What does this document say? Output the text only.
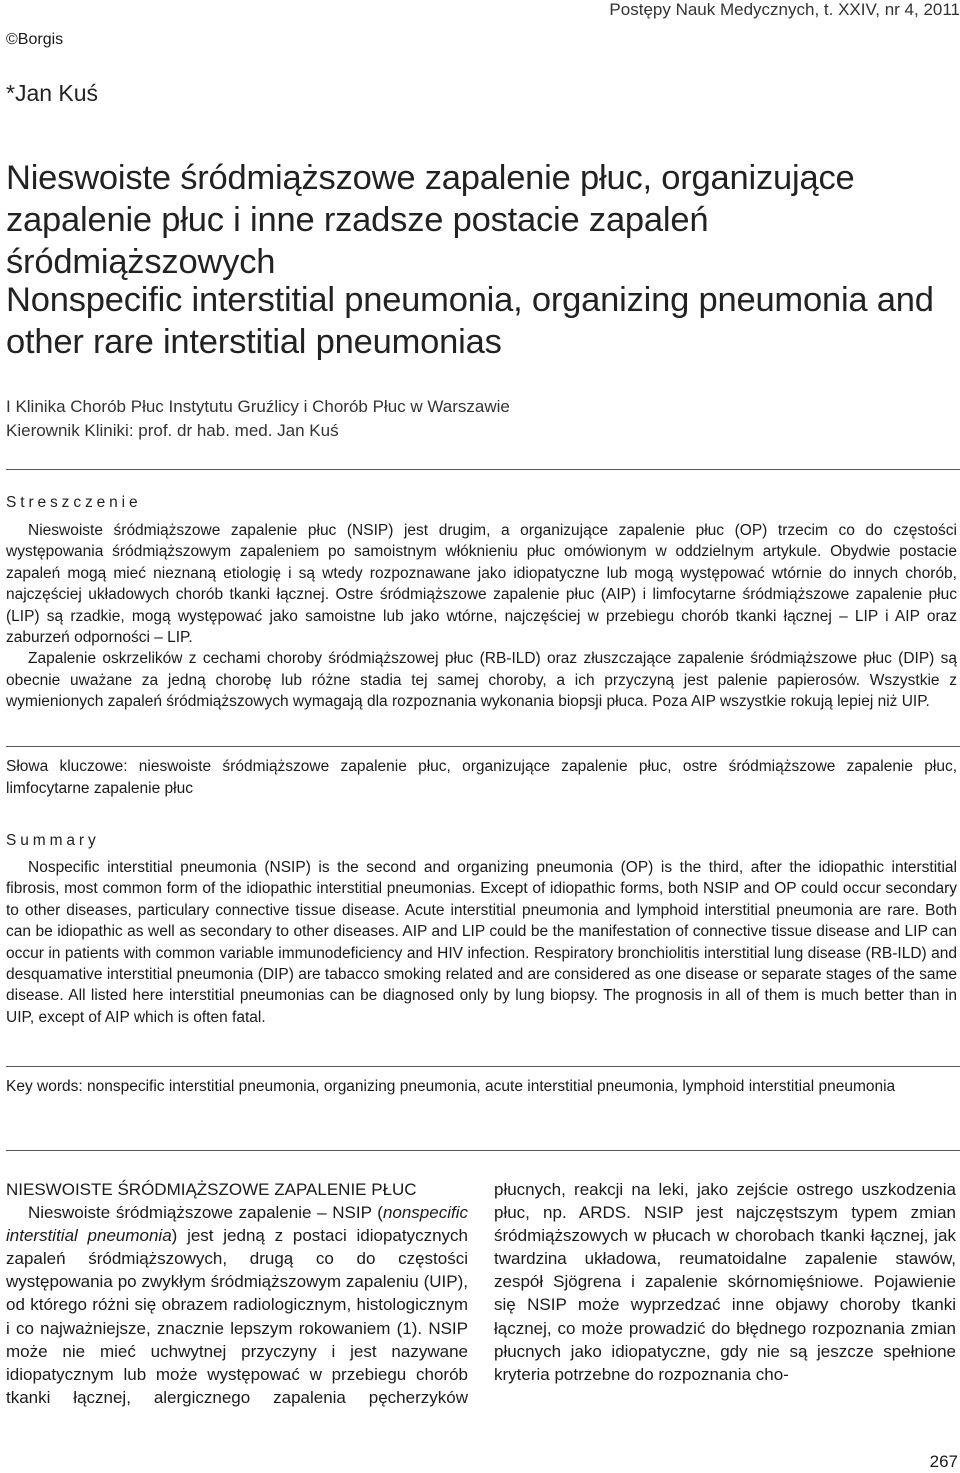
Postępy Nauk Medycznych, t. XXIV, nr 4, 2011
©Borgis
*Jan Kuś
Nieswoiste śródmiąższowe zapalenie płuc, organizujące zapalenie płuc i inne rzadsze postacie zapaleń śródmiąższowych
Nonspecific interstitial pneumonia, organizing pneumonia and other rare interstitial pneumonias
I Klinika Chorób Płuc Instytutu Gruźlicy i Chorób Płuc w Warszawie
Kierownik Kliniki: prof. dr hab. med. Jan Kuś
Streszczenie

Nieswoiste śródmiąższowe zapalenie płuc (NSIP) jest drugim, a organizujące zapalenie płuc (OP) trzecim co do częstości występowania śródmiąższowym zapaleniem po samoistnym włóknieniu płuc omówionym w oddzielnym artykule. Obydwie postacie zapaleń mogą mieć nieznaną etiologię i są wtedy rozpoznawane jako idiopatyczne lub mogą występować wtórnie do innych chorób, najczęściej układowych chorób tkanki łącznej. Ostre śródmiąższowe zapalenie płuc (AIP) i limfocytarne śródmiąższowe zapalenie płuc (LIP) są rzadkie, mogą występować jako samoistne lub jako wtórne, najczęściej w przebiegu chorób tkanki łącznej – LIP i AIP oraz zaburzeń odporności – LIP.

Zapalenie oskrzelików z cechami choroby śródmiąższowej płuc (RB-ILD) oraz złuszczające zapalenie śródmiąższowe płuc (DIP) są obecnie uważane za jedną chorobę lub różne stadia tej samej choroby, a ich przyczyną jest palenie papierosów. Wszystkie z wymienionych zapaleń śródmiąższowych wymagają dla rozpoznania wykonania biopsji płuca. Poza AIP wszystkie rokują lepiej niż UIP.

Słowa kluczowe: nieswoiste śródmiąższowe zapalenie płuc, organizujące zapalenie płuc, ostre śródmiąższowe zapalenie płuc, limfocytarne zapalenie płuc
Summary

Nospecific interstitial pneumonia (NSIP) is the second and organizing pneumonia (OP) is the third, after the idiopathic interstitial fibrosis, most common form of the idiopathic interstitial pneumonias. Except of idiopathic forms, both NSIP and OP could occur secondary to other diseases, particulary connective tissue disease. Acute interstitial pneumonia and lymphoid interstitial pneumonia are rare. Both can be idiopathic as well as secondary to other diseases. AIP and LIP could be the manifestation of connective tissue disease and LIP can occur in patients with common variable immunodeficiency and HIV infection. Respiratory bronchiolitis interstitial lung disease (RB-ILD) and desquamative interstitial pneumonia (DIP) are tabacco smoking related and are considered as one disease or separate stages of the same disease. All listed here interstitial pneumonias can be diagnosed only by lung biopsy. The prognosis in all of them is much better than in UIP, except of AIP which is often fatal.

Key words: nonspecific interstitial pneumonia, organizing pneumonia, acute interstitial pneumonia, lymphoid interstitial pneumonia

NIESWOISTE ŚRÓDMIĄŻSZOWE ZAPALENIE PŁUC

Nieswoiste śródmiąższowe zapalenie – NSIP (nonspecific interstitial pneumonia) jest jedną z postaci idiopatycznych zapaleń śródmiąższowych, drugą co do częstości występowania po zwykłym śródmiąższowym zapaleniu (UIP), od którego różni się obrazem radiologicznym, histologicznym i co najważniejsze, znacznie lepszym rokowaniem (1). NSIP może nie mieć uchwytnej przyczyny i jest nazywane idiopatycznym lub może występować w przebiegu chorób tkanki łącznej, alergicznego zapalenia pęcherzyków płucnych, reakcji na leki, jako zejście ostrego uszkodzenia płuc, np. ARDS. NSIP jest najczęstszym typem zmian śródmiąższowych w płucach w chorobach tkanki łącznej, jak twardzina układowa, reumatoidalne zapalenie stawów, zespół Sjögrena i zapalenie skórnomięśniowe. Pojawienie się NSIP może wyprzedzać inne objawy choroby tkanki łącznej, co może prowadzić do błędnego rozpoznania zmian płucnych jako idiopatyczne, gdy nie są jeszcze spełnione kryteria potrzebne do rozpoznania cho-

267
